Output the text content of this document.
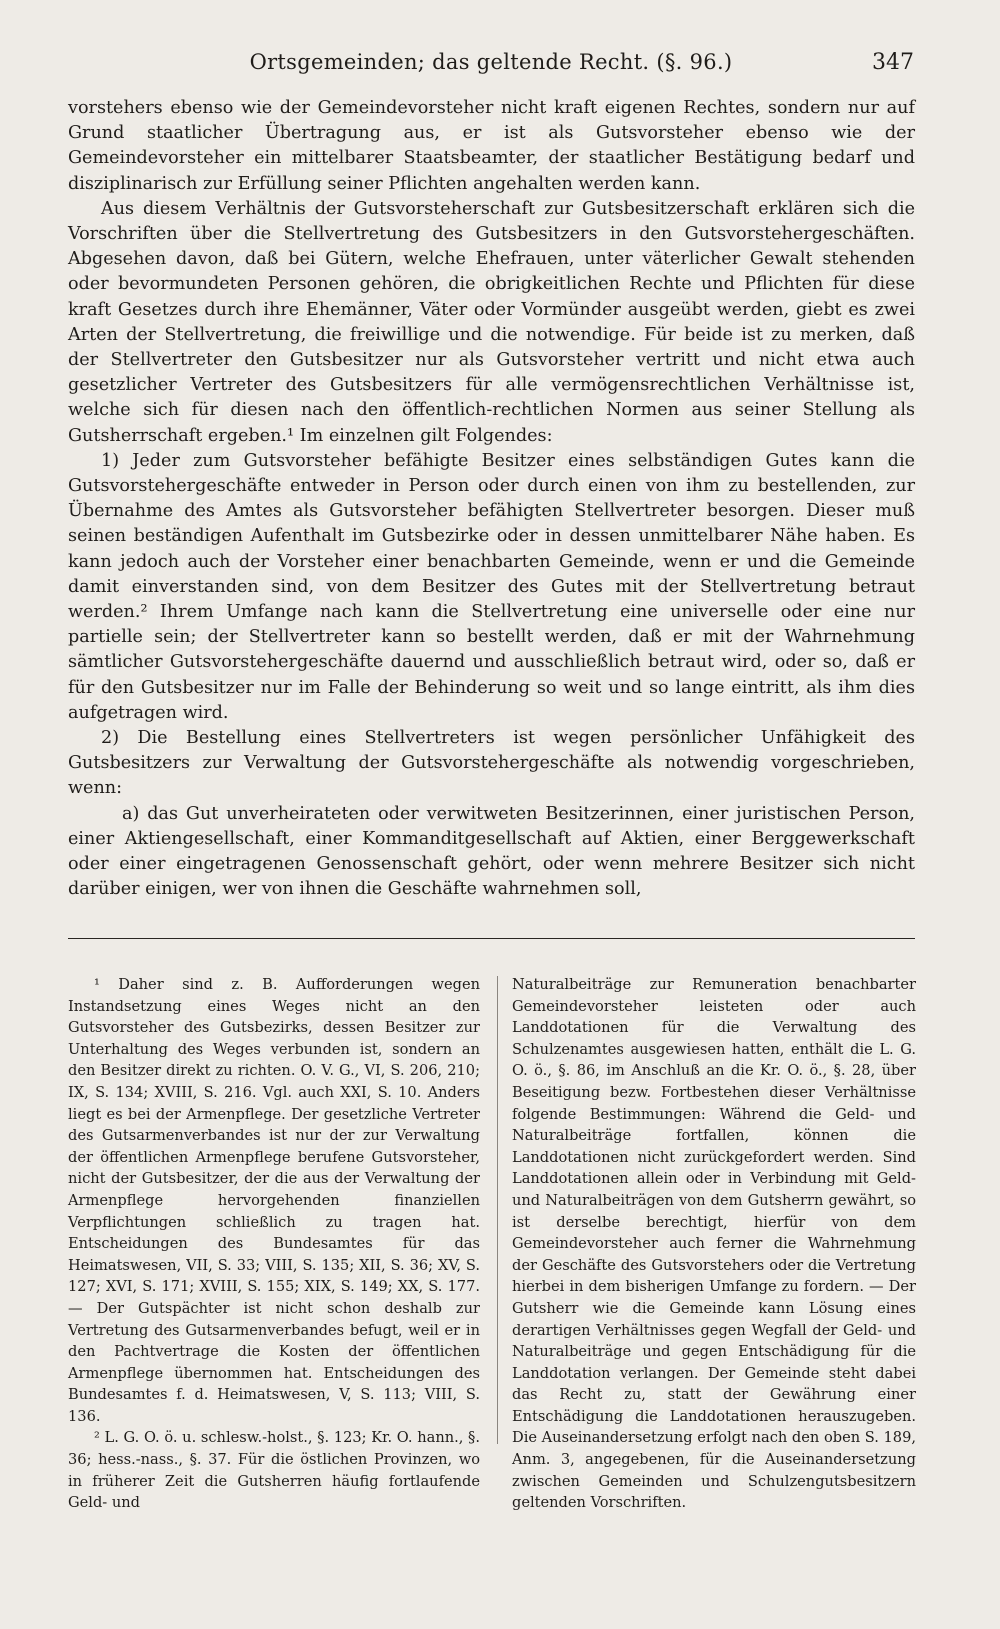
Ortsgemeinden; das geltende Recht. (§. 96.)	347

vorstehers ebenso wie der Gemeindevorsteher nicht kraft eigenen Rechtes, sondern nur auf Grund staatlicher Übertragung aus, er ist als Gutsvorsteher ebenso wie der Gemeindevorsteher ein mittelbarer Staatsbeamter, der staatlicher Bestätigung bedarf und disziplinarisch zur Erfüllung seiner Pflichten angehalten werden kann.

Aus diesem Verhältnis der Gutsvorsteherschaft zur Gutsbesitzerschaft erklären sich die Vorschriften über die Stellvertretung des Gutsbesitzers in den Gutsvorstehergeschäften. Abgesehen davon, daß bei Gütern, welche Ehefrauen, unter väterlicher Gewalt stehenden oder bevormundeten Personen gehören, die obrigkeitlichen Rechte und Pflichten für diese kraft Gesetzes durch ihre Ehemänner, Väter oder Vormünder ausgeübt werden, giebt es zwei Arten der Stellvertretung, die freiwillige und die notwendige. Für beide ist zu merken, daß der Stellvertreter den Gutsbesitzer nur als Gutsvorsteher vertritt und nicht etwa auch gesetzlicher Vertreter des Gutsbesitzers für alle vermögensrechtlichen Verhältnisse ist, welche sich für diesen nach den öffentlich-rechtlichen Normen aus seiner Stellung als Gutsherrschaft ergeben.¹ Im einzelnen gilt Folgendes:

1) Jeder zum Gutsvorsteher befähigte Besitzer eines selbständigen Gutes kann die Gutsvorstehergeschäfte entweder in Person oder durch einen von ihm zu bestellenden, zur Übernahme des Amtes als Gutsvorsteher befähigten Stellvertreter besorgen. Dieser muß seinen beständigen Aufenthalt im Gutsbezirke oder in dessen unmittelbarer Nähe haben. Es kann jedoch auch der Vorsteher einer benachbarten Gemeinde, wenn er und die Gemeinde damit einverstanden sind, von dem Besitzer des Gutes mit der Stellvertretung betraut werden.² Ihrem Umfange nach kann die Stellvertretung eine universelle oder eine nur partielle sein; der Stellvertreter kann so bestellt werden, daß er mit der Wahrnehmung sämtlicher Gutsvorstehergeschäfte dauernd und ausschließlich betraut wird, oder so, daß er für den Gutsbesitzer nur im Falle der Behinderung so weit und so lange eintritt, als ihm dies aufgetragen wird.

2) Die Bestellung eines Stellvertreters ist wegen persönlicher Unfähigkeit des Gutsbesitzers zur Verwaltung der Gutsvorstehergeschäfte als notwendig vorgeschrieben, wenn:

a) das Gut unverheirateten oder verwitweten Besitzerinnen, einer juristischen Person, einer Aktiengesellschaft, einer Kommanditgesellschaft auf Aktien, einer Berggewerkschaft oder einer eingetragenen Genossenschaft gehört, oder wenn mehrere Besitzer sich nicht darüber einigen, wer von ihnen die Geschäfte wahrnehmen soll,

¹ Daher sind z. B. Aufforderungen wegen Instandsetzung eines Weges nicht an den Gutsvorsteher des Gutsbezirks, dessen Besitzer zur Unterhaltung des Weges verbunden ist, sondern an den Besitzer direkt zu richten. O. V. G., VI, S. 206, 210; IX, S. 134; XVIII, S. 216. Vgl. auch XXI, S. 10. Anders liegt es bei der Armenpflege. Der gesetzliche Vertreter des Gutsarmenverbandes ist nur der zur Verwaltung der öffentlichen Armenpflege berufene Gutsvorsteher, nicht der Gutsbesitzer, der die aus der Verwaltung der Armenpflege hervorgehenden finanziellen Verpflichtungen schließlich zu tragen hat. Entscheidungen des Bundesamtes für das Heimatswesen, VII, S. 33; VIII, S. 135; XII, S. 36; XV, S. 127; XVI, S. 171; XVIII, S. 155; XIX, S. 149; XX, S. 177. — Der Gutspächter ist nicht schon deshalb zur Vertretung des Gutsarmenverbandes befugt, weil er in den Pachtvertrage die Kosten der öffentlichen Armenpflege übernommen hat. Entscheidungen des Bundesamtes f. d. Heimatswesen, V, S. 113; VIII, S. 136.

² L. G. O. ö. u. schlesw.-holst., §. 123; Kr. O. hann., §. 36; hess.-nass., §. 37. Für die östlichen Provinzen, wo in früherer Zeit die Gutsherren häufig fortlaufende Geld- und

Naturalbeiträge zur Remuneration benachbarter Gemeindevorsteher leisteten oder auch Landdotationen für die Verwaltung des Schulzenamtes ausgewiesen hatten, enthält die L. G. O. ö., §. 86, im Anschluß an die Kr. O. ö., §. 28, über Beseitigung bezw. Fortbestehen dieser Verhältnisse folgende Bestimmungen: Während die Geld- und Naturalbeiträge fortfallen, können die Landdotationen nicht zurückgefordert werden. Sind Landdotationen allein oder in Verbindung mit Geld- und Naturalbeiträgen von dem Gutsherrn gewährt, so ist derselbe berechtigt, hierfür von dem Gemeindevorsteher auch ferner die Wahrnehmung der Geschäfte des Gutsvorstehers oder die Vertretung hierbei in dem bisherigen Umfange zu fordern. — Der Gutsherr wie die Gemeinde kann Lösung eines derartigen Verhältnisses gegen Wegfall der Geld- und Naturalbeiträge und gegen Entschädigung für die Landdotation verlangen. Der Gemeinde steht dabei das Recht zu, statt der Gewährung einer Entschädigung die Landdotationen herauszugeben. Die Auseinandersetzung erfolgt nach den oben S. 189, Anm. 3, angegebenen, für die Auseinandersetzung zwischen Gemeinden und Schulzengutsbesitzern geltenden Vorschriften.
